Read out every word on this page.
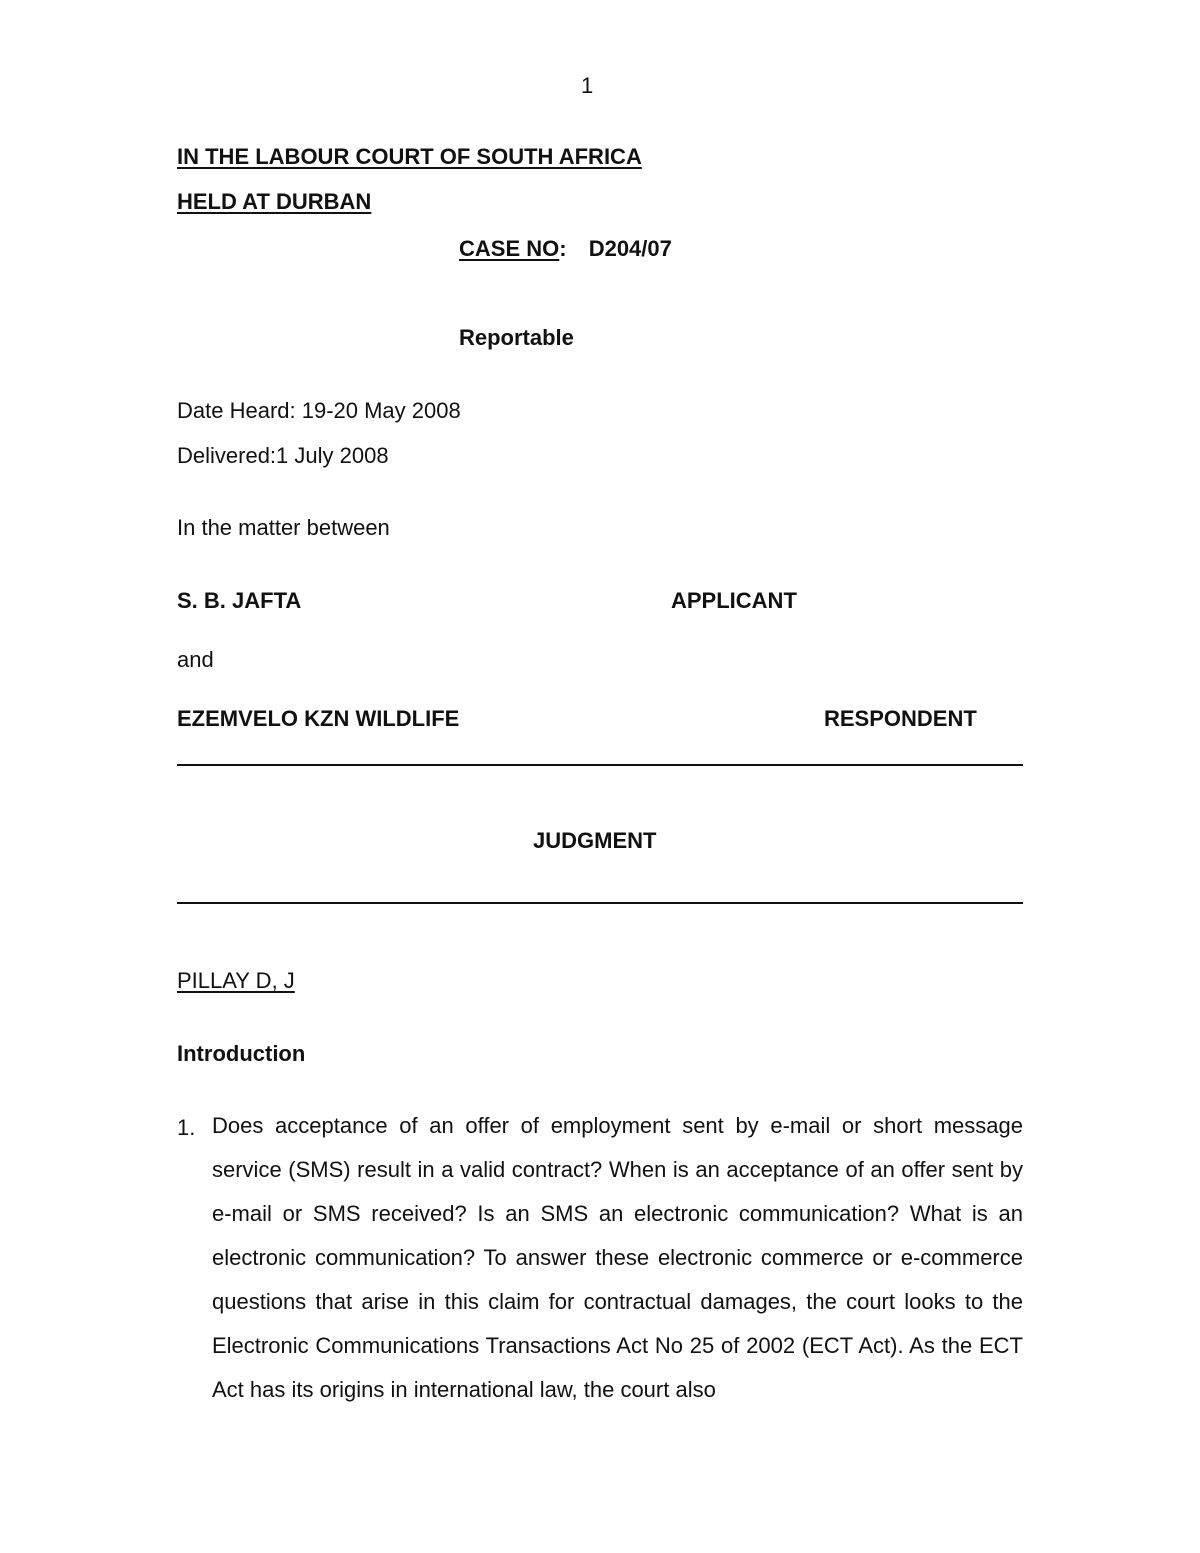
1
IN THE LABOUR COURT OF SOUTH AFRICA
HELD AT DURBAN
CASE NO: D204/07
Reportable
Date Heard: 19-20 May 2008
Delivered:1 July 2008
In the matter between
S. B. JAFTA	APPLICANT
and
EZEMVELO KZN WILDLIFE	RESPONDENT
JUDGMENT
PILLAY D, J
Introduction
1. Does acceptance of an offer of employment sent by e-mail or short message service (SMS) result in a valid contract? When is an acceptance of an offer sent by e-mail or SMS received? Is an SMS an electronic communication? What is an electronic communication? To answer these electronic commerce or e-commerce questions that arise in this claim for contractual damages, the court looks to the Electronic Communications Transactions Act No 25 of 2002 (ECT Act). As the ECT Act has its origins in international law, the court also
